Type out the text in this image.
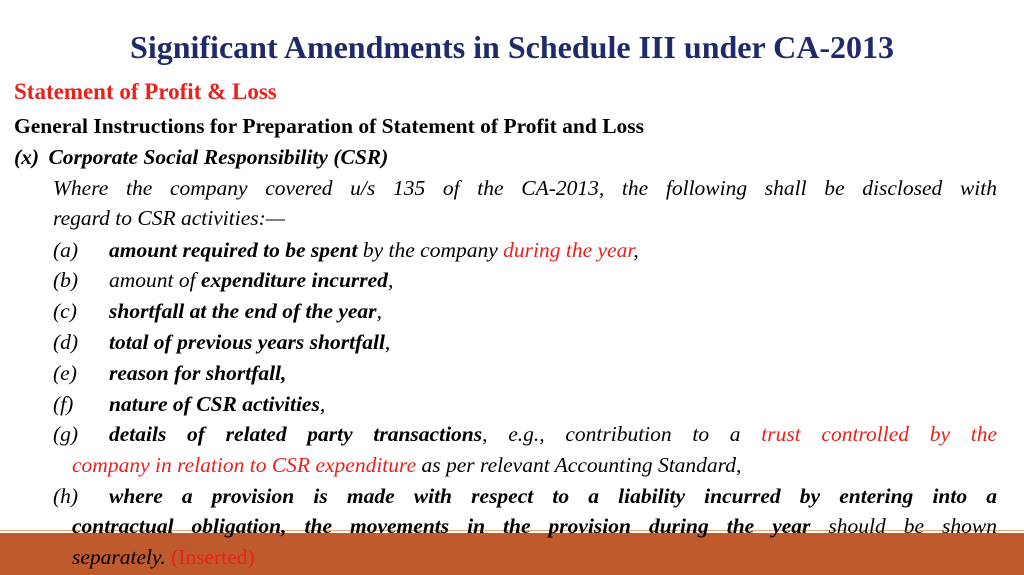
Significant Amendments in Schedule III under CA-2013
Statement of Profit & Loss
General Instructions for Preparation of Statement of Profit and Loss
(x) Corporate Social Responsibility (CSR)
Where the company covered u/s 135 of the CA-2013, the following shall be disclosed with
regard to CSR activities:—
(a) amount required to be spent by the company during the year,
(b) amount of expenditure incurred,
(c) shortfall at the end of the year,
(d) total of previous years shortfall,
(e) reason for shortfall,
(f) nature of CSR activities,
(g) details of related party transactions, e.g., contribution to a trust controlled by the
company in relation to CSR expenditure as per relevant Accounting Standard,
(h) where a provision is made with respect to a liability incurred by entering into a
contractual obligation, the movements in the provision during the year should be shown
separately. (Inserted)
